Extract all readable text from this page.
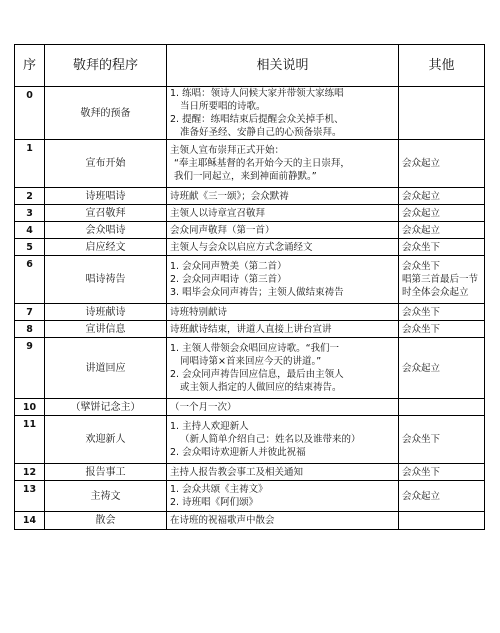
序	敬拜的程序	相关说明	其他
0	敬拜的预备	1. 练唱：领诗人问候大家并带领大家练唱
当日所要唱的诗歌。
2. 提醒：练唱结束后提醒会众关掉手机、
准备好圣经、安静自己的心预备崇拜。	

1	宣布开始	主领人宣布崇拜正式开始：
“奉主耶稣基督的名开始今天的主日崇拜，
我们一同起立，来到神面前静默。”	会众起立

2	诗班唱诗	诗班献《三一颂》；会众默祷	会众起立

3	宣召敬拜	主领人以诗章宣召敬拜	会众起立

4	会众唱诗	会众同声敬拜（第一首）	会众起立

5	启应经文	主领人与会众以启应方式念诵经文	会众坐下

6	唱诗祷告	1. 会众同声赞美（第二首）
2. 会众同声唱诗（第三首）
3. 唱毕会众同声祷告；主领人做结束祷告	会众坐下
唱第三首最后一节
时全体会众起立

7	诗班献诗	诗班特别献诗	会众坐下

8	宣讲信息	诗班献诗结束，讲道人直接上讲台宣讲	会众坐下

9	讲道回应	1. 主领人带领会众唱回应诗歌。“我们一
同唱诗第×首来回应今天的讲道。”
2. 会众同声祷告回应信息，最后由主领人
或主领人指定的人做回应的结束祷告。	会众起立

10	（擘饼记念主）	（一个月一次）	

11	欢迎新人	1. 主持人欢迎新人
（新人简单介绍自己：姓名以及谁带来的）
2. 会众唱诗欢迎新人并彼此祝福	会众坐下

12	报告事工	主持人报告教会事工及相关通知	会众坐下

13	主祷文	1. 会众共颂《主祷文》
2. 诗班唱《阿们颂》	会众起立

14	散会	在诗班的祝福歌声中散会	
